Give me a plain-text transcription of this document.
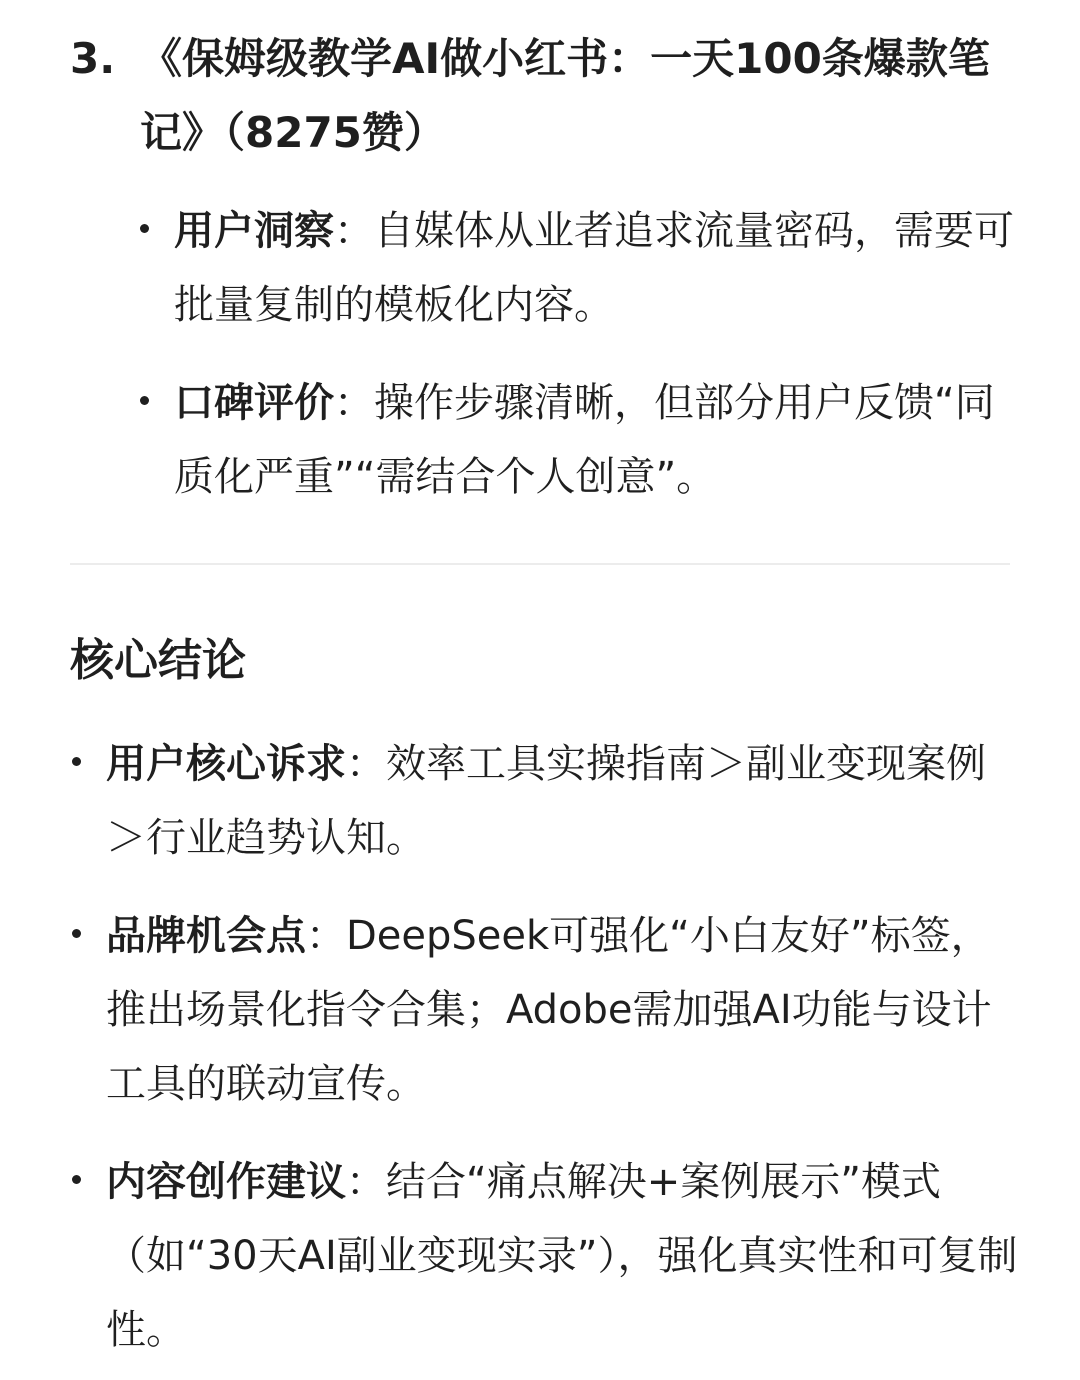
3. 《保姆级教学AI做小红书：一天100条爆款笔记》（8275赞）
用户洞察：自媒体从业者追求流量密码，需要可批量复制的模板化内容。
口碑评价：操作步骤清晰，但部分用户反馈“同质化严重”“需结合个人创意”。
核心结论
用户核心诉求：效率工具实操指南＞副业变现案例＞行业趋势认知。
品牌机会点：DeepSeek可强化“小白友好”标签，推出场景化指令合集；Adobe需加强AI功能与设计工具的联动宣传。
内容创作建议：结合“痛点解决+案例展示”模式（如“30天AI副业变现实录”），强化真实性和可复制性。
